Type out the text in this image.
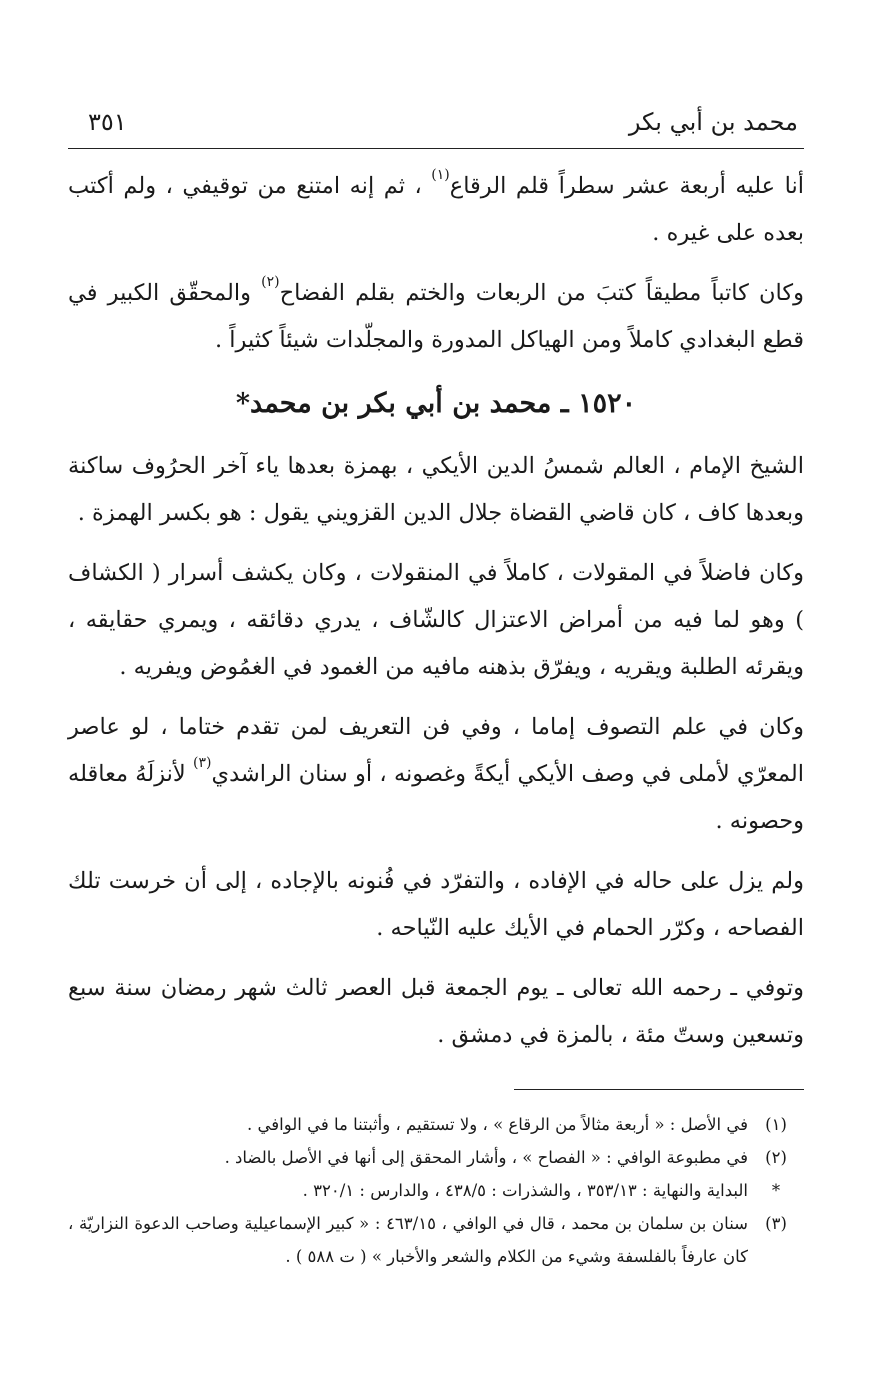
محمد بن أبي بكر
٣٥١

أنا عليه أربعة عشر سطراً قلم الرقاع$^{(١)}$ ، ثم إنه امتنع من توقيفي ، ولم أكتب بعده على غيره .

وكان كاتباً مطيقاً كتبَ من الربعات والختم بقلم الفضاح$^{(٢)}$ والمحقّق الكبير في قطع البغدادي كاملاً ومن الهياكل المدورة والمجلّدات شيئاً كثيراً .

١٥٢٠ ـ محمد بن أبي بكر بن محمد*

الشيخ الإمام ، العالم شمسُ الدين الأيكي ، بهمزة بعدها ياء آخر الحرُوف ساكنة وبعدها كاف ، كان قاضي القضاة جلال الدين القزويني يقول : هو بكسر الهمزة .

وكان فاضلاً في المقولات ، كاملاً في المنقولات ، وكان يكشف أسرار ( الكشاف ) وهو لما فيه من أمراض الاعتزال كالشّاف ، يدري دقائقه ، ويمري حقايقه ، ويقرئه الطلبة ويقريه ، ويفرّق بذهنه مافيه من الغمود في الغمُوض ويفريه .

وكان في علم التصوف إماما ، وفي فن التعريف لمن تقدم ختاما ، لو عاصر المعرّي لأملى في وصف الأيكي أيكةً وغصونه ، أو سنان الراشدي$^{(٣)}$ لأنزلَهُ معاقله وحصونه .

ولم يزل على حاله في الإفاده ، والتفرّد في فُنونه بالإجاده ، إلى أن خرست تلك الفصاحه ، وكرّر الحمام في الأيك عليه النّياحه .

وتوفي ـ رحمه الله تعالى ـ يوم الجمعة قبل العصر ثالث شهر رمضان سنة سبع وتسعين وستّ مئة ، بالمزة في دمشق .

(١)
في الأصل : « أربعة مثالاً من الرقاع » ، ولا تستقيم ، وأثبتنا ما في الوافي .
(٢)
في مطبوعة الوافي : « الفصاح » ، وأشار المحقق إلى أنها في الأصل بالضاد .
*
البداية والنهاية : ٣٥٣/١٣ ، والشذرات : ٤٣٨/٥ ، والدارس : ٣٢٠/١ .
(٣)
سنان بن سلمان بن محمد ، قال في الوافي ، ٤٦٣/١٥ : « كبير الإسماعيلية وصاحب الدعوة النزاريّة ، كان عارفاً بالفلسفة وشيء من الكلام والشعر والأخبار » ( ت ٥٨٨ ) .
